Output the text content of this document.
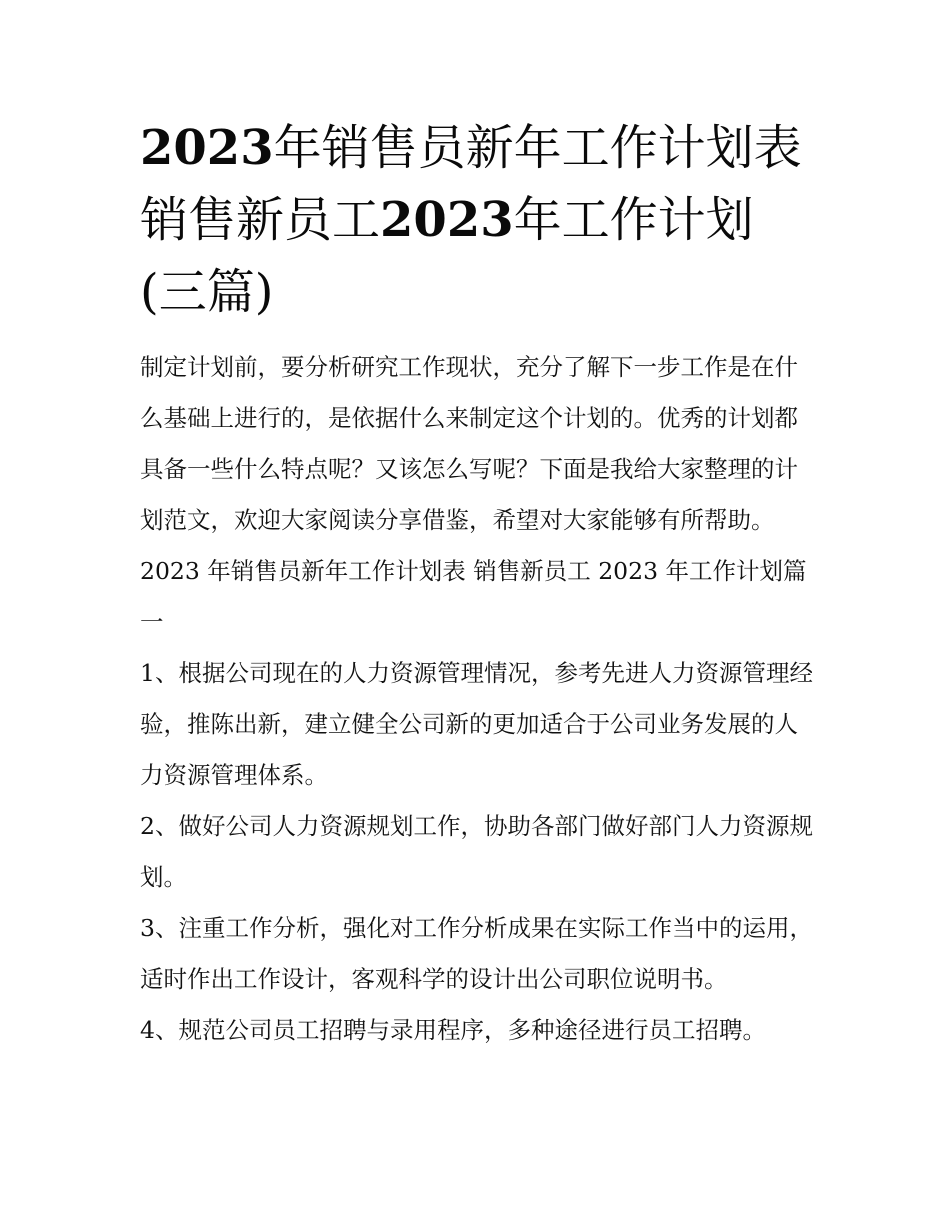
2023年销售员新年工作计划表
销售新员工2023年工作计划
(三篇)

制定计划前，要分析研究工作现状，充分了解下一步工作是在什么基础上进行的，是依据什么来制定这个计划的。优秀的计划都具备一些什么特点呢？又该怎么写呢？下面是我给大家整理的计划范文，欢迎大家阅读分享借鉴，希望对大家能够有所帮助。

2023 年销售员新年工作计划表 销售新员工 2023 年工作计划篇一

1、根据公司现在的人力资源管理情况，参考先进人力资源管理经验，推陈出新，建立健全公司新的更加适合于公司业务发展的人力资源管理体系。

2、做好公司人力资源规划工作，协助各部门做好部门人力资源规划。

3、注重工作分析，强化对工作分析成果在实际工作当中的运用，适时作出工作设计，客观科学的设计出公司职位说明书。

4、规范公司员工招聘与录用程序，多种途径进行员工招聘。
